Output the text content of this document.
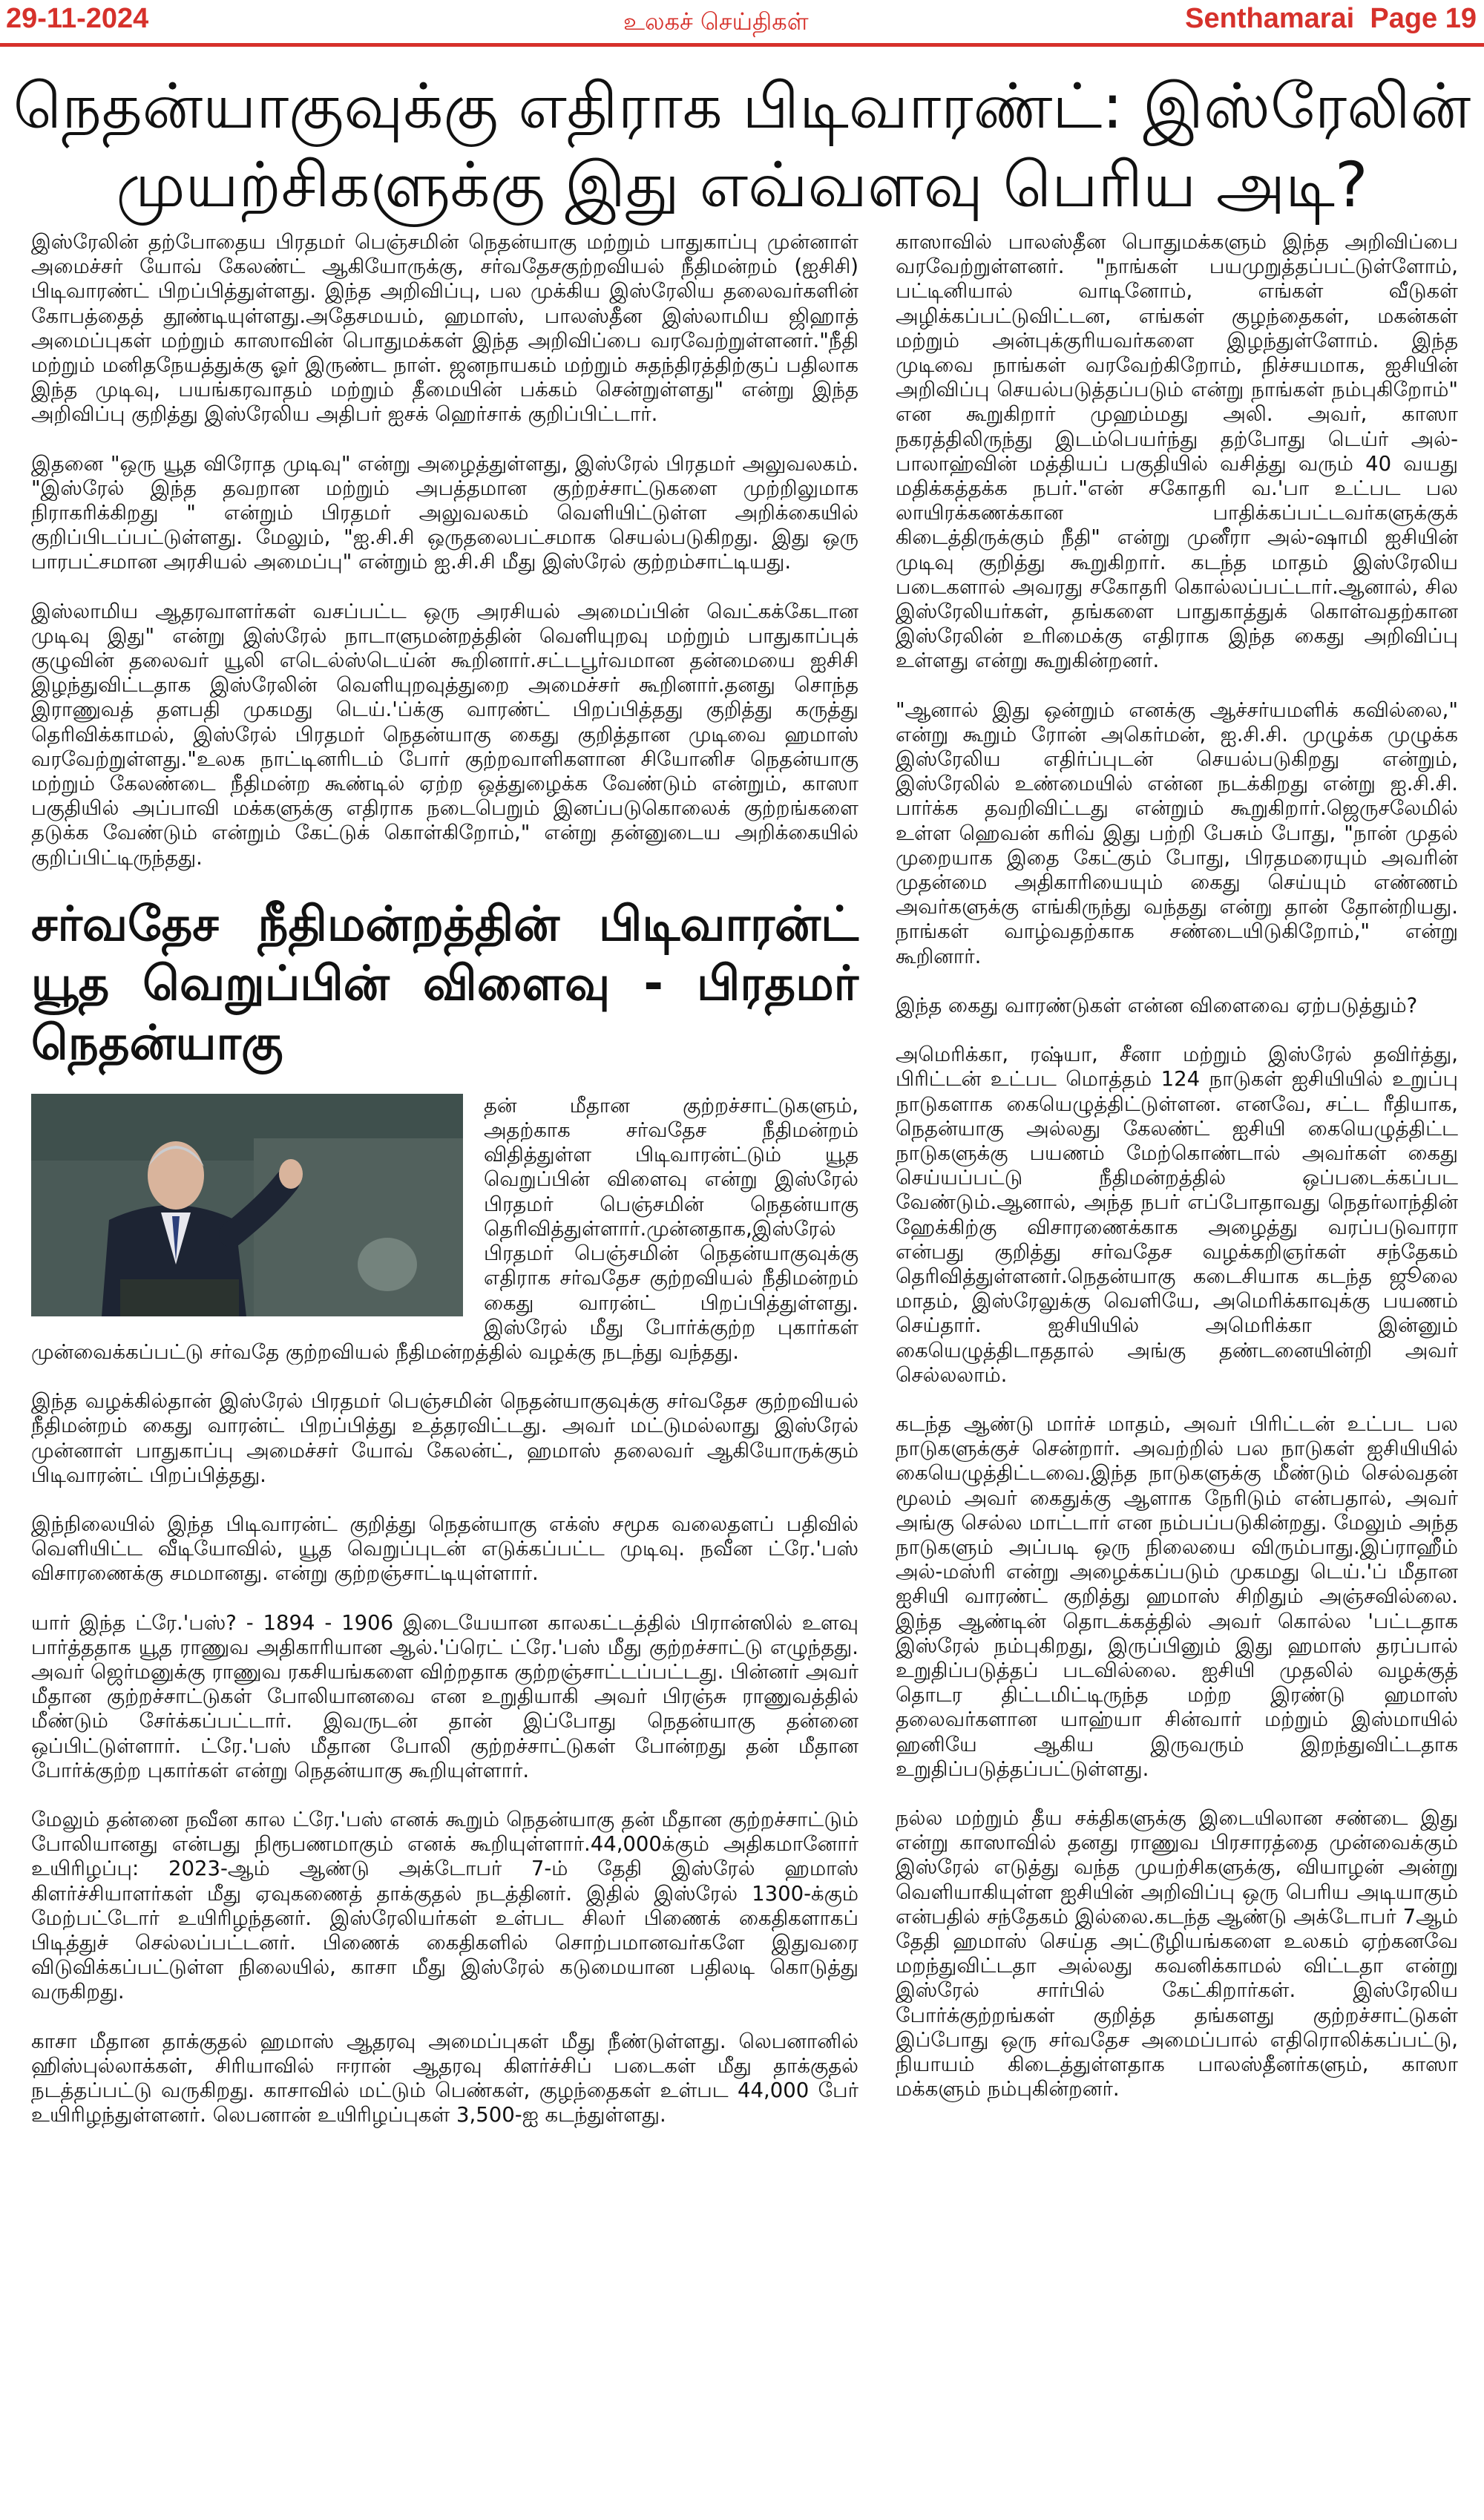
29-11-2024	உலகச் செய்திகள்	Senthamarai  Page 19
நெதன்யாகுவுக்கு எதிராக பிடிவாரண்ட்: இஸ்ரேலின்
முயற்சிகளுக்கு இது எவ்வளவு பெரிய அடி?

இஸ்ரேலின் தற்போதைய பிரதமர் பெஞ்சமின் நெதன்யாகு மற்றும் பாதுகாப்பு முன்னாள் அமைச்சர் யோவ் கேலண்ட் ஆகியோருக்கு, சர்வதேசகுற்றவியல் நீதிமன்றம் (ஐசிசி) பிடிவாரண்ட் பிறப்பித்துள்ளது. இந்த அறிவிப்பு, பல முக்கிய இஸ்ரேலிய தலைவர்களின் கோபத்தைத் தூண்டியுள்ளது.அதேசமயம், ஹமாஸ், பாலஸ்தீன இஸ்லாமிய ஜிஹாத் அமைப்புகள் மற்றும் காஸாவின் பொதுமக்கள் இந்த அறிவிப்பை வரவேற்றுள்ளனர்."நீதி மற்றும் மனிதநேயத்துக்கு ஓர் இருண்ட நாள். ஜனநாயகம் மற்றும் சுதந்திரத்திற்குப் பதிலாக இந்த முடிவு, பயங்கரவாதம் மற்றும் தீமையின் பக்கம் சென்றுள்ளது" என்று இந்த அறிவிப்பு குறித்து இஸ்ரேலிய அதிபர் ஐசக் ஹெர்சாக் குறிப்பிட்டார்.

இதனை "ஒரு யூத விரோத முடிவு" என்று அழைத்துள்ளது, இஸ்ரேல் பிரதமர் அலுவலகம். "இஸ்ரேல் இந்த தவறான மற்றும் அபத்தமான குற்றச்சாட்டுகளை முற்றிலுமாக நிராகரிக்கிறது " என்றும் பிரதமர் அலுவலகம் வெளியிட்டுள்ள அறிக்கையில் குறிப்பிடப்பட்டுள்ளது. மேலும், "ஐ.சி.சி ஒருதலைபட்சமாக செயல்படுகிறது. இது ஒரு பாரபட்சமான அரசியல் அமைப்பு" என்றும் ஐ.சி.சி மீது இஸ்ரேல் குற்றம்சாட்டியது.

இஸ்லாமிய ஆதரவாளர்கள் வசப்பட்ட ஒரு அரசியல் அமைப்பின் வெட்கக்கேடான முடிவு இது" என்று இஸ்ரேல் நாடாளுமன்றத்தின் வெளியுறவு மற்றும் பாதுகாப்புக் குழுவின் தலைவர் யூலி எடெல்ஸ்டெய்ன் கூறினார்.சட்டபூர்வமான தன்மையை ஐசிசி இழந்துவிட்டதாக இஸ்ரேலின் வெளியுறவுத்துறை அமைச்சர் கூறினார்.தனது சொந்த இராணுவத் தளபதி முகமது டெய்.'ப்க்கு வாரண்ட் பிறப்பித்தது குறித்து கருத்து தெரிவிக்காமல், இஸ்ரேல் பிரதமர் நெதன்யாகு கைது குறித்தான முடிவை ஹமாஸ் வரவேற்றுள்ளது."உலக நாட்டினரிடம் போர் குற்றவாளிகளான சியோனிச நெதன்யாகு மற்றும் கேலண்டை நீதிமன்ற கூண்டில் ஏற்ற ஒத்துழைக்க வேண்டும் என்றும், காஸா பகுதியில் அப்பாவி மக்களுக்கு எதிராக நடைபெறும் இனப்படுகொலைக் குற்றங்களை தடுக்க வேண்டும் என்றும் கேட்டுக் கொள்கிறோம்," என்று தன்னுடைய அறிக்கையில் குறிப்பிட்டிருந்தது.

சர்வதேச நீதிமன்றத்தின் பிடிவாரன்ட் யூத வெறுப்பின் விளைவு - பிரதமர் நெதன்யாகு
தன் மீதான குற்றச்சாட்டுகளும், அதற்காக சர்வதேச நீதிமன்றம் விதித்துள்ள பிடிவாரன்ட்டும் யூத வெறுப்பின் விளைவு என்று இஸ்ரேல் பிரதமர் பெஞ்சமின் நெதன்யாகு தெரிவித்துள்ளார்.முன்னதாக,இஸ்ரேல் பிரதமர் பெஞ்சமின் நெதன்யாகுவுக்கு எதிராக சர்வதேச குற்றவியல் நீதிமன்றம் கைது வாரன்ட் பிறப்பித்துள்ளது. இஸ்ரேல் மீது போர்க்குற்ற புகார்கள் முன்வைக்கப்பட்டு சர்வதே குற்றவியல் நீதிமன்றத்தில் வழக்கு நடந்து வந்தது.

இந்த வழக்கில்தான் இஸ்ரேல் பிரதமர் பெஞ்சமின் நெதன்யாகுவுக்கு சர்வதேச குற்றவியல் நீதிமன்றம் கைது வாரன்ட் பிறப்பித்து உத்தரவிட்டது. அவர் மட்டுமல்லாது இஸ்ரேல் முன்னாள் பாதுகாப்பு அமைச்சர் யோவ் கேலன்ட், ஹமாஸ் தலைவர் ஆகியோருக்கும் பிடிவாரன்ட் பிறப்பித்தது.

இந்நிலையில் இந்த பிடிவாரன்ட் குறித்து நெதன்யாகு எக்ஸ் சமூக வலைதளப் பதிவில் வெளியிட்ட வீடியோவில், யூத வெறுப்புடன் எடுக்கப்பட்ட முடிவு. நவீன ட்ரே.'பஸ் விசாரணைக்கு சமமானது. என்று குற்றஞ்சாட்டியுள்ளார்.

யார் இந்த ட்ரே.'பஸ்? - 1894 - 1906 இடையேயான காலகட்டத்தில் பிரான்ஸில் உளவு பார்த்ததாக யூத ராணுவ அதிகாரியான ஆல்.'ப்ரெட் ட்ரே.'பஸ் மீது குற்றச்சாட்டு எழுந்தது. அவர் ஜெர்மனுக்கு ராணுவ ரகசியங்களை விற்றதாக குற்றஞ்சாட்டப்பட்டது. பின்னர் அவர் மீதான குற்றச்சாட்டுகள் போலியானவை என உறுதியாகி அவர் பிரஞ்சு ராணுவத்தில் மீண்டும் சேர்க்கப்பட்டார். இவருடன் தான் இப்போது நெதன்யாகு தன்னை ஒப்பிட்டுள்ளார். ட்ரே.'பஸ் மீதான போலி குற்றச்சாட்டுகள் போன்றது தன் மீதான போர்க்குற்ற புகார்கள் என்று நெதன்யாகு கூறியுள்ளார்.

மேலும் தன்னை நவீன கால ட்ரே.'பஸ் எனக் கூறும் நெதன்யாகு தன் மீதான குற்றச்சாட்டும் போலியானது என்பது நிரூபணமாகும் எனக் கூறியுள்ளார்.44,000க்கும் அதிகமானோர் உயிரிழப்பு: 2023-ஆம் ஆண்டு அக்டோபர் 7-ம் தேதி இஸ்ரேல் ஹமாஸ் கிளர்ச்சியாளர்கள் மீது ஏவுகணைத் தாக்குதல் நடத்தினர். இதில் இஸ்ரேல் 1300-க்கும் மேற்பட்டோர் உயிரிழந்தனர். இஸ்ரேலியர்கள் உள்பட சிலர் பிணைக் கைதிகளாகப் பிடித்துச் செல்லப்பட்டனர். பிணைக் கைதிகளில் சொற்பமானவர்களே இதுவரை விடுவிக்கப்பட்டுள்ள நிலையில், காசா மீது இஸ்ரேல் கடுமையான பதிலடி கொடுத்து வருகிறது.

காசா மீதான தாக்குதல் ஹமாஸ் ஆதரவு அமைப்புகள் மீது நீண்டுள்ளது. லெபனானில் ஹிஸ்புல்லாக்கள், சிரியாவில் ஈரான் ஆதரவு கிளர்ச்சிப் படைகள் மீது தாக்குதல் நடத்தப்பட்டு வருகிறது. காசாவில் மட்டும் பெண்கள், குழந்தைகள் உள்பட 44,000 பேர் உயிரிழந்துள்ளனர். லெபனான் உயிரிழப்புகள் 3,500-ஐ கடந்துள்ளது.

காஸாவில் பாலஸ்தீன பொதுமக்களும் இந்த அறிவிப்பை வரவேற்றுள்ளனர். "நாங்கள் பயமுறுத்தப்பட்டுள்ளோம், பட்டினியால் வாடினோம், எங்கள் வீடுகள் அழிக்கப்பட்டுவிட்டன, எங்கள் குழந்தைகள், மகன்கள் மற்றும் அன்புக்குரியவர்களை இழந்துள்ளோம். இந்த முடிவை நாங்கள் வரவேற்கிறோம், நிச்சயமாக, ஐசியின் அறிவிப்பு செயல்படுத்தப்படும் என்று நாங்கள் நம்புகிறோம்" என கூறுகிறார் முஹம்மது அலி. அவர், காஸா நகரத்திலிருந்து இடம்பெயர்ந்து தற்போது டெய்ர் அல்-பாலாஹ்வின் மத்தியப் பகுதியில் வசித்து வரும் 40 வயது மதிக்கத்தக்க நபர்."என் சகோதரி வ.'பா உட்பட பல லாயிரக்கணக்கான பாதிக்கப்பட்டவர்களுக்குக் கிடைத்திருக்கும் நீதி" என்று முனீரா அல்-ஷாமி ஐசியின் முடிவு குறித்து கூறுகிறார். கடந்த மாதம் இஸ்ரேலிய படைகளால் அவரது சகோதரி கொல்லப்பட்டார்.ஆனால், சில இஸ்ரேலியர்கள், தங்களை பாதுகாத்துக் கொள்வதற்கான இஸ்ரேலின் உரிமைக்கு எதிராக இந்த கைது அறிவிப்பு உள்ளது என்று கூறுகின்றனர்.

"ஆனால் இது ஒன்றும் எனக்கு ஆச்சர்யமளிக் கவில்லை," என்று கூறும் ரோன் அகெர்மன், ஐ.சி.சி. முழுக்க முழுக்க இஸ்ரேலிய எதிர்ப்புடன் செயல்படுகிறது என்றும், இஸ்ரேலில் உண்மையில் என்ன நடக்கிறது என்று ஐ.சி.சி. பார்க்க தவறிவிட்டது என்றும் கூறுகிறார்.ஜெருசலேமில் உள்ள ஹெவன் கரிவ் இது பற்றி பேசும் போது, "நான் முதல் முறையாக இதை கேட்கும் போது, பிரதமரையும் அவரின் முதன்மை அதிகாரியையும் கைது செய்யும் எண்ணம் அவர்களுக்கு எங்கிருந்து வந்தது என்று தான் தோன்றியது. நாங்கள் வாழ்வதற்காக சண்டையிடுகிறோம்," என்று கூறினார்.

இந்த கைது வாரண்டுகள் என்ன விளைவை ஏற்படுத்தும்?

அமெரிக்கா, ரஷ்யா, சீனா மற்றும் இஸ்ரேல் தவிர்த்து, பிரிட்டன் உட்பட மொத்தம் 124 நாடுகள் ஐசியியில் உறுப்பு நாடுகளாக கையெழுத்திட்டுள்ளன. எனவே, சட்ட ரீதியாக, நெதன்யாகு அல்லது கேலண்ட் ஐசியி கையெழுத்திட்ட நாடுகளுக்கு பயணம் மேற்கொண்டால் அவர்கள் கைது செய்யப்பட்டு நீதிமன்றத்தில் ஒப்படைக்கப்பட வேண்டும்.ஆனால், அந்த நபர் எப்போதாவது நெதர்லாந்தின் ஹேக்கிற்கு விசாரணைக்காக அழைத்து வரப்படுவாரா என்பது குறித்து சர்வதேச வழக்கறிஞர்கள் சந்தேகம் தெரிவித்துள்ளனர்.நெதன்யாகு கடைசியாக கடந்த ஜூலை மாதம், இஸ்ரேலுக்கு வெளியே, அமெரிக்காவுக்கு பயணம் செய்தார். ஐசியியில் அமெரிக்கா இன்னும் கையெழுத்திடாததால் அங்கு தண்டனையின்றி அவர் செல்லலாம்.

கடந்த ஆண்டு மார்ச் மாதம், அவர் பிரிட்டன் உட்பட பல நாடுகளுக்குச் சென்றார். அவற்றில் பல நாடுகள் ஐசியியில் கையெழுத்திட்டவை.இந்த நாடுகளுக்கு மீண்டும் செல்வதன் மூலம் அவர் கைதுக்கு ஆளாக நேரிடும் என்பதால், அவர் அங்கு செல்ல மாட்டார் என நம்பப்படுகின்றது. மேலும் அந்த நாடுகளும் அப்படி ஒரு நிலையை விரும்பாது.இப்ராஹீம் அல்-மஸ்ரி என்று அழைக்கப்படும் முகமது டெய்.'ப் மீதான ஐசியி வாரண்ட் குறித்து ஹமாஸ் சிறிதும் அஞ்சவில்லை. இந்த ஆண்டின் தொடக்கத்தில் அவர் கொல்ல 'பட்டதாக இஸ்ரேல் நம்புகிறது, இருப்பினும் இது ஹமாஸ் தரப்பால் உறுதிப்படுத்தப் படவில்லை. ஐசியி முதலில் வழக்குத் தொடர திட்டமிட்டிருந்த மற்ற இரண்டு ஹமாஸ் தலைவர்களான யாஹ்யா சின்வார் மற்றும் இஸ்மாயில் ஹனியே ஆகிய இருவரும் இறந்துவிட்டதாக உறுதிப்படுத்தப்பட்டுள்ளது.

நல்ல மற்றும் தீய சக்திகளுக்கு இடையிலான சண்டை இது என்று காஸாவில் தனது ராணுவ பிரசாரத்தை முன்வைக்கும் இஸ்ரேல் எடுத்து வந்த முயற்சிகளுக்கு, வியாழன் அன்று வெளியாகியுள்ள ஐசியின் அறிவிப்பு ஒரு பெரிய அடியாகும் என்பதில் சந்தேகம் இல்லை.கடந்த ஆண்டு அக்டோபர் 7ஆம் தேதி ஹமாஸ் செய்த அட்டூழியங்களை உலகம் ஏற்கனவே மறந்துவிட்டதா அல்லது கவனிக்காமல் விட்டதா என்று இஸ்ரேல் சார்பில் கேட்கிறார்கள். இஸ்ரேலிய போர்க்குற்றங்கள் குறித்த தங்களது குற்றச்சாட்டுகள் இப்போது ஒரு சர்வதேச அமைப்பால் எதிரொலிக்கப்பட்டு, நியாயம் கிடைத்துள்ளதாக பாலஸ்தீனர்களும், காஸா மக்களும் நம்புகின்றனர்.
